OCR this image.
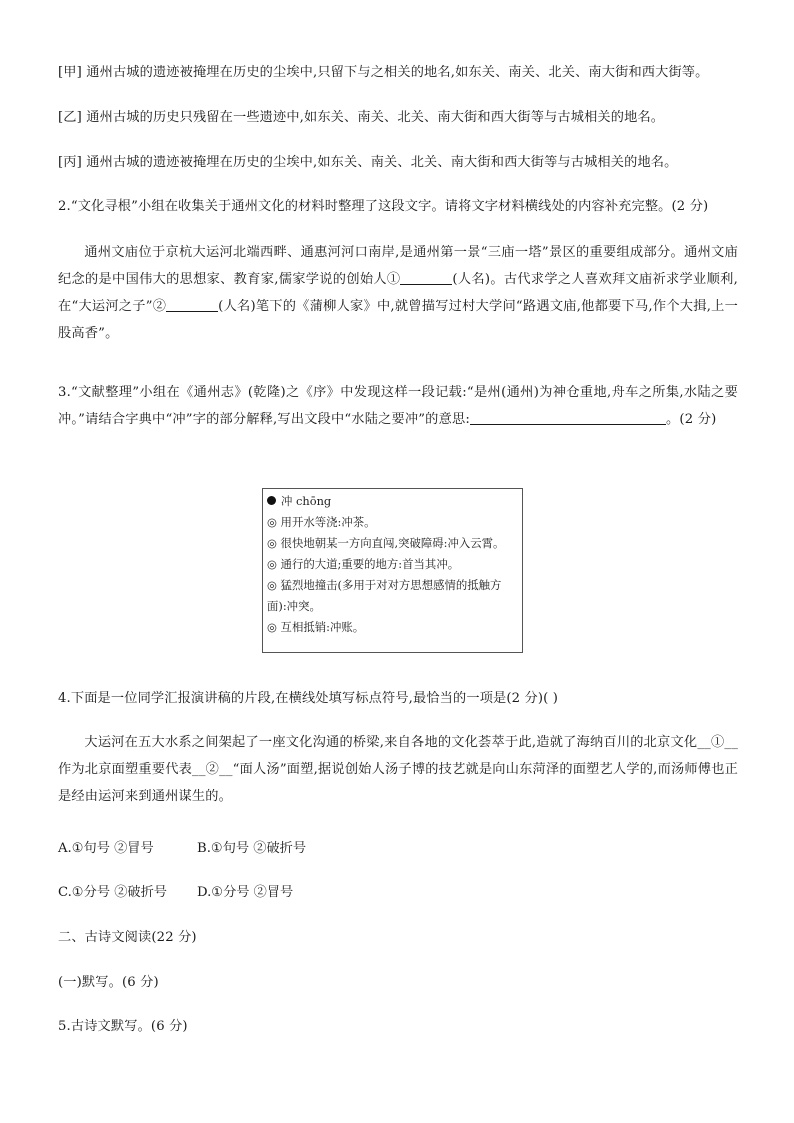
[甲] 通州古城的遗迹被掩埋在历史的尘埃中,只留下与之相关的地名,如东关、南关、北关、南大街和西大街等。
[乙] 通州古城的历史只残留在一些遗迹中,如东关、南关、北关、南大街和西大街等与古城相关的地名。
[丙] 通州古城的遗迹被掩埋在历史的尘埃中,如东关、南关、北关、南大街和西大街等与古城相关的地名。
2.“文化寻根”小组在收集关于通州文化的材料时整理了这段文字。请将文字材料横线处的内容补充完整。(2 分)
通州文庙位于京杭大运河北端西畔、通惠河河口南岸,是通州第一景“三庙一塔”景区的重要组成部分。通州文庙纪念的是中国伟大的思想家、教育家,儒家学说的创始人①	(人名)。古代求学之人喜欢拜文庙祈求学业顺利,在“大运河之子”②	(人名)笔下的《蒲柳人家》中,就曾描写过村大学问“路遇文庙,他都要下马,作个大揖,上一股高香”。
3.“文献整理”小组在《通州志》(乾隆)之《序》中发现这样一段记载:“是州(通州)为神仓重地,舟车之所集,水陆之要冲。”请结合字典中“冲”字的部分解释,写出文段中“水陆之要冲”的意思:	。(2 分)
冲 chōng
◎ 用开水等浇:冲茶。
◎ 很快地朝某一方向直闯,突破障碍:冲入云霄。
◎ 通行的大道;重要的地方:首当其冲。
◎ 猛烈地撞击(多用于对对方思想感情的抵触方面):冲突。
◎ 互相抵销:冲账。
4.下面是一位同学汇报演讲稿的片段,在横线处填写标点符号,最恰当的一项是(2 分)( )
大运河在五大水系之间架起了一座文化沟通的桥梁,来自各地的文化荟萃于此,造就了海纳百川的北京文化__①__作为北京面塑重要代表__②__“面人汤”面塑,据说创始人汤子博的技艺就是向山东菏泽的面塑艺人学的,而汤师傅也正是经由运河来到通州谋生的。
A.①句号 ②冒号	B.①句号 ②破折号
C.①分号 ②破折号 D.①分号 ②冒号
二、古诗文阅读(22 分)
(一)默写。(6 分)
5.古诗文默写。(6 分)
